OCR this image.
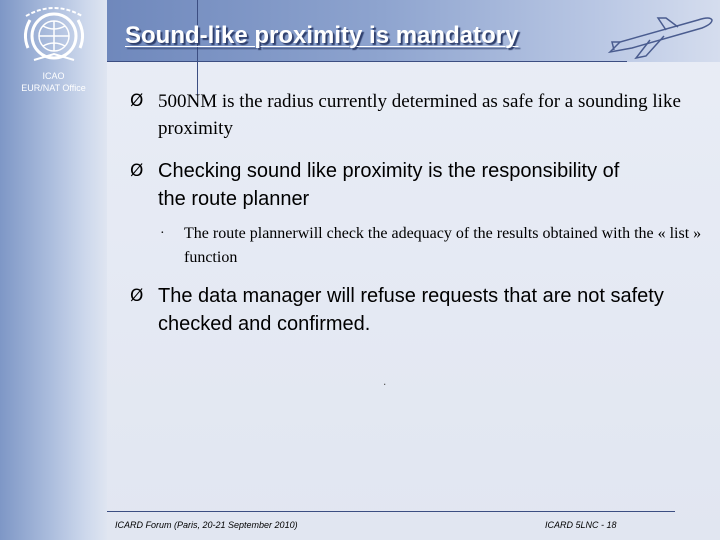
ICAO
EUR/NAT Office
Sound-like proximity is mandatory
Ø 500NM is the radius currently determined as safe for a sounding like proximity
Ø Checking sound like proximity is the responsibility of the route planner
· The route plannerwill check the adequacy of the results obtained with the « list » function
Ø The data manager will refuse requests that are not safety checked and confirmed.
.
ICARD Forum (Paris, 20-21 September 2010)	ICARD 5LNC - 18
